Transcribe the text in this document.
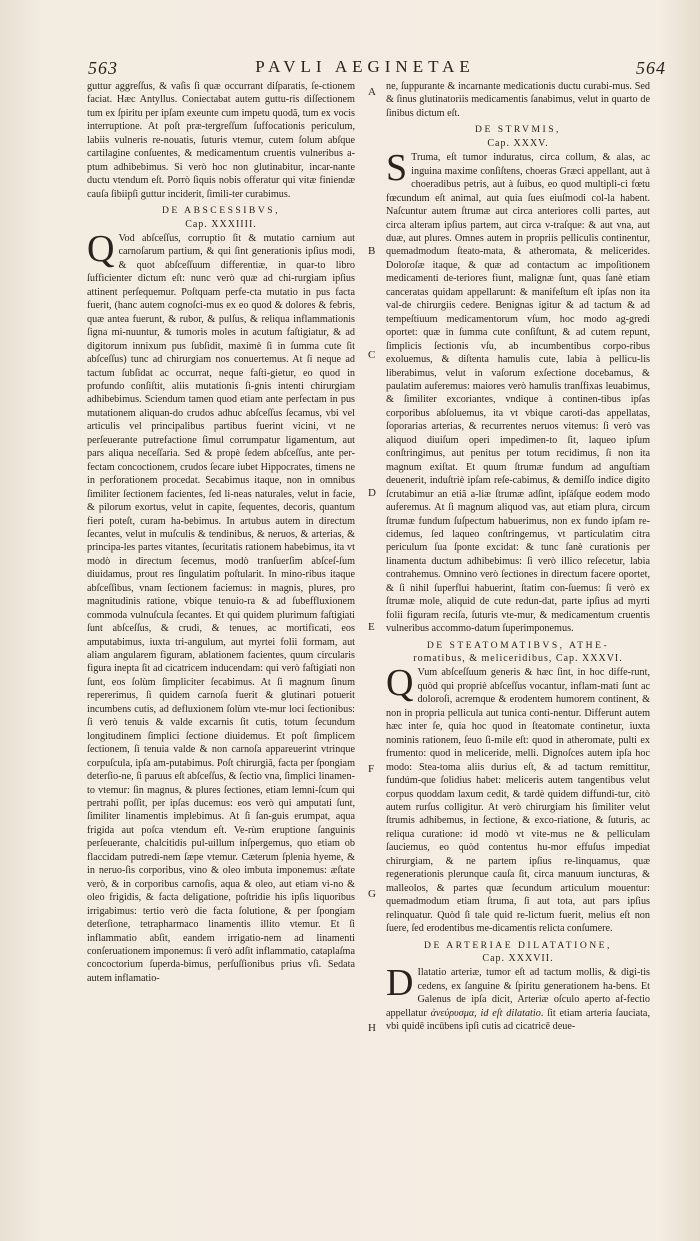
563	PAVLI AEGINETAE	564
A
B
C
D
E
F
G
H

guttur aggreſſus, & vaſis ſi quæ occurrant diſparatis, ſe-ctionem faciat. Hæc Antyllus. Coniectabat autem guttu-ris diſſectionem tum ex ſpiritu per ipſam exeunte cum impetu quodã, tum ex vocis interruptione. At poſt præ-tergreſſum ſuffocationis periculum, labiis vulneris re-nouatis, ſuturis vtemur, cutem ſolum abſque cartilagine conſuentes, & medicamentum cruentis vulneribus a-ptum adhibebimus. Si verò hoc non glutinabitur, incar-nante ductu vtendum eſt. Porrò ſiquis nobis offeratur qui vitæ finiendæ cauſa ſibiipſi guttur inciderit, ſimili-ter curabimus.

DE ABSCESSIBVS,
Cap. XXXIIII.

Q Vod abſceſſus, corruptio ſit & mutatio carnium aut carnoſarum partium, & qui ſint generationis ipſius modi, & quot abſceſſuum differentiæ, in quar-to libro ſufficienter dictum eſt: nunc verò quæ ad chi-rurgiam ipſius attinent perſequemur. Poſtquam perfe-cta mutatio in pus facta fuerit, (hanc autem cognoſci-mus ex eo quod & dolores & febris, quæ antea fuerunt, & rubor, & pulſus, & reliqua inflammationis ſigna mi-nuuntur, & tumoris moles in acutum faſtigiatur, & ad digitorum innixum pus ſubſidit, maximè ſi in ſumma cute ſit abſceſſus) tunc ad chirurgiam nos conuertemus. At ſi neque ad tactum ſubſidat ac occurrat, neque faſti-gietur, eo quod in profundo conſiſtit, aliis mutationis ſi-gnis intenti chirurgiam adhibebimus. Sciendum tamen quod etiam ante perfectam in pus mutationem aliquan-do crudos adhuc abſceſſus ſecamus, vbi vel articulis vel principalibus partibus fuerint vicini, vt ne perſeuerante putrefactione ſimul corrumpatur ligamentum, aut pars aliqua neceſſaria. Sed & propè ſedem abſceſſus, ante per-fectam concoctionem, crudos ſecare iubet Hippocrates, timens ne in perforationem procedat. Secabimus itaque, non in omnibus ſimiliter ſectionem facientes, ſed li-neas naturales, velut in facie, & pilorum exortus, velut in capite, ſequentes, decoris, quantum fieri poteſt, curam ha-bebimus. In artubus autem in directum ſecantes, velut in muſculis & tendinibus, & neruos, & arterias, & principa-les partes vitantes, ſecuritatis rationem habebimus, ita vt modò in directum ſecemus, modò tranſuerſim abſceſ-ſum diuidamus, prout res ſingulatim poſtularit. In mino-ribus itaque abſceſſibus, vnam ſectionem faciemus: in magnis, plures, pro magnitudinis ratione, vbique tenuio-ra & ad ſubeffluxionem commoda vulnuſcula ſecantes. Et qui quidem plurimum faſtigiati ſunt abſceſſus, & crudi, & tenues, ac mortificati, eos amputabimus, iuxta tri-angulum, aut myrtei folii formam, aut aliam angularem figuram, ablationem facientes, quum circularis figura inepta ſit ad cicatricem inducendam: qui verò faſtigiati non ſunt, eos ſolùm ſimpliciter ſecabimus. At ſi magnum ſinum repererimus, ſi quidem carnoſa fuerit & glutinari potuerit incumbens cutis, ad defluxionem ſolùm vte-mur loci ſectionibus: ſi verò tenuis & valde excarnis ſit cutis, totum ſecundum longitudinem ſimplici ſectione diuidemus. Et poſt ſimplicem ſectionem, ſi tenuia valde & non carnoſa appareuerint vtrinque corpuſcula, ipſa am-putabimus. Poſt chirurgiã, facta per ſpongiam deterſio-ne, ſi paruus eſt abſceſſus, & ſectio vna, ſimplici linamen-to vtemur: ſin magnus, & plures ſectiones, etiam lemni-ſcum qui pertrahi poſſit, per ipſas ducemus: eos verò qui amputati ſunt, ſimiliter linamentis implebimus. At ſi ſan-guis erumpat, aqua frigida aut poſca vtendum eſt. Ve-rùm eruptione ſanguinis perſeuerante, chalcitidis pul-uillum inſpergemus, quo etiam ob flaccidam putredi-nem ſæpe vtemur. Cæterum ſplenia hyeme, & in neruo-ſis corporibus, vino & oleo imbuta imponemus: æſtate verò, & in corporibus carnoſis, aqua & oleo, aut etiam vi-no & oleo frigidis, & facta deligatione, poſtridie his ipſis liquoribus irrigabimus: tertio verò die facta ſolutione, & per ſpongiam deterſione, tetrapharmaco linamentis illito vtemur. Et ſi inflammatio abſit, eandem irrigatio-nem ad linamenti conſeruationem imponemus: ſi verò adſit inflammatio, cataplaſma concoctorium ſuperda-bimus, perſuſſionibus prius vſi. Sedata autem inflamatio-

ne, ſuppurante & incarnante medicationis ductu curabi-mus. Sed & ſinus glutinatoriis medicamentis ſanabimus, velut in quarto de ſinibus dictum eſt.

DE STRVMIS,
Cap. XXXV.

S Truma, eſt tumor induratus, circa collum, & alas, ac inguina maxime conſiſtens, choeras Græci appellant, aut à choeradibus petris, aut à ſuibus, eo quod multipli-ci fœtu fœcundum eſt animal, aut quia ſues eiuſmodi col-la habent. Naſcuntur autem ſtrumæ aut circa anteriores colli partes, aut circa alteram ipſius partem, aut circa v-traſque: & aut vna, aut duæ, aut plures. Omnes autem in propriis pelliculis continentur, quemadmodum ſteato-mata, & atheromata, & melicerides. Doloroſæ itaque, & quæ ad contactum ac impoſitionem medicamenti de-teriores fiunt, malignæ ſunt, quas ſanè etiam canceratas quidam appellarunt: & manifeſtum eſt ipſas non ita val-de chirurgiis cedere. Benignas igitur & ad tactum & ad tempeſtiuum medicamentorum vſum, hoc modo ag-gredi oportet: quæ in ſumma cute conſiſtunt, & ad cutem repunt, ſimplicis ſectionis vſu, ab incumbentibus corpo-ribus exoluemus, & diſtenta hamulis cute, labia à pellicu-lis liberabimus, velut in vaſorum exſectione docebamus, & paulatim auferemus: maiores verò hamulis tranſfixas leuabimus, & ſimiliter excoriantes, vndique à continen-tibus ipſas corporibus abſoluemus, ita vt vbique caroti-das appellatas, ſoporarias arterias, & recurrentes neruos vitemus: ſi verò vas aliquod diuiſum operi impedimen-to ſit, laqueo ipſum conſtringimus, aut penitus per totum recidimus, ſi non ita magnum exiſtat. Et quum ſtrumæ fundum ad anguſtiam deuenerit, induſtriè ipſam reſe-cabimus, & demiſſo indice digito ſcrutabimur an etiã a-liæ ſtrumæ adſint, ipſáſque eodem modo auferemus. At ſi magnum aliquod vas, aut etiam plura, circum ſtrumæ fundum ſuſpectum habuerimus, non ex fundo ipſam re-cidemus, ſed laqueo conſtringemus, vt particulatim citra periculum ſua ſponte excidat: & tunc ſanè curationis per linamenta ductum adhibebimus: ſi verò illico reſecetur, labia contrahemus. Omnino verò ſectiones in directum facere oportet, & ſi nihil ſuperflui habuerint, ſtatim con-ſuemus: ſi verò ex ſtrumæ mole, aliquid de cute redun-dat, parte ipſius ad myrti folii figuram reciſa, ſuturis vte-mur, & medicamentum cruentis vulneribus accommo-datum ſuperimponemus.

DE STEATOMATIBVS, ATHE-
romatibus, & meliceridibus, Cap. XXXVI.

Q Vum abſceſſuum generis & hæc ſint, in hoc diffe-runt, quòd qui propriè abſceſſus vocantur, inflam-mati ſunt ac doloroſi, acremque & erodentem humorem continent, & non in propria pellicula aut tunica conti-nentur. Differunt autem hæc inter ſe, quia hoc quod in ſteatomate continetur, iuxta nominis rationem, ſeuo ſi-mile eſt: quod in atheromate, pulti ex frumento: quod in meliceride, melli. Dignoſces autem ipſa hoc modo: Stea-toma aliis durius eſt, & ad tactum remittitur, fundúm-que ſolidius habet: meliceris autem tangentibus velut corpus quoddam laxum cedit, & tardè quidem diffundi-tur, citò autem rurſus colligitur. At verò chirurgiam his ſimiliter velut ſtrumis adhibemus, in ſectione, & exco-riatione, & ſuturis, ac reliqua curatione: id modò vt vite-mus ne & pelliculam ſauciemus, eo quòd contentus hu-mor effuſus impediat chirurgiam, & ne partem ipſius re-linquamus, quæ regenerationis plerunque cauſa ſit, circa manuum iuncturas, & malleolos, & partes quæ ſecundum articulum mouentur: quemadmodum etiam ſtruma, ſi aut tota, aut pars ipſius relinquatur. Quòd ſi tale quid re-lictum fuerit, melius eſt non ſuere, ſed erodentibus me-dicamentis relicta conſumere.

DE ARTERIAE DILATATIONE,
Cap. XXXVII.

D Ilatatio arteriæ, tumor eſt ad tactum mollis, & digi-tis cedens, ex ſanguine & ſpiritu generationem ha-bens. Et Galenus de ipſa dicit, Arteriæ oſculo aperto af-fectio appellatur ἀνεύρυσμα, id eſt dilatatio. ſit etiam arteria ſauciata, vbi quidē incūbens ipſi cutis ad cicatricē deue-
